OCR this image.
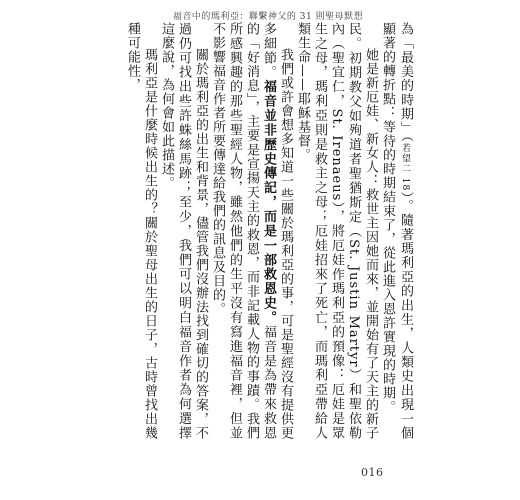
福音中的瑪利亞：聯繫神父的 31 則聖母默想

為「最美的時期」（若望二 18）。隨著瑪利亞的出生，人類史出現一個顯著的轉折點：等待的時期結束了，從此進入恩許實現的時期。

她是新厄娃、新女人：救世主因她而來，並開始有了天主的新子民。初期教父如殉道者聖猶斯定（St. Justin Martyr）和聖依勒內（聖宜仁，St. Irenaeus），將厄娃作瑪利亞的預像：厄娃是眾生之母，瑪利亞則是救主之母；厄娃招來了死亡，而瑪利亞帶給人類生命——耶穌基督。

我們或許會想多知道一些關於瑪利亞的事，可是聖經沒有提供更多細節。福音並非歷史傳記，而是一部救恩史。福音是為帶來救恩的「好消息」，主要是宣揚天主的救恩，而非記載人物的事蹟。我們所感興趣的那些聖經人物，雖然他們的生平沒有寫進福音裡，但並不影響福音作者所要傳達給我們的訊息及目的。

關於瑪利亞的出生和背景，儘管我們沒辦法找到確切的答案，不過仍可找出些許蛛絲馬跡；至少，我們可以明白福音作者為何選擇這麼說，為何會如此描述。

瑪利亞是什麼時候出生的？關於聖母出生的日子，古時曾找出幾種可能性，

016
